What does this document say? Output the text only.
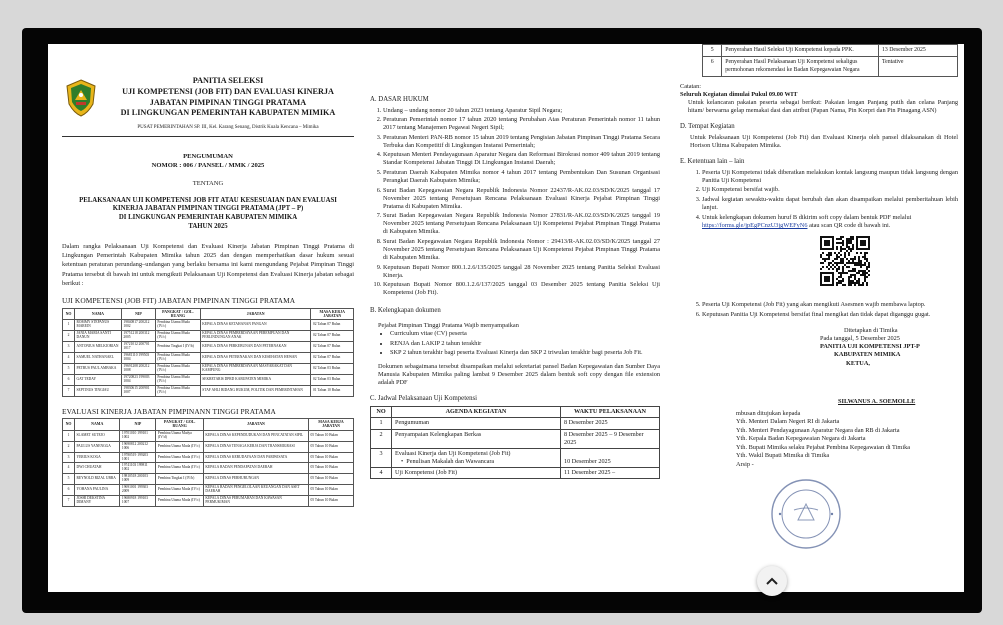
PANITIA SELEKSI
UJI KOMPETENSI (JOB FIT) DAN EVALUASI KINERJA
JABATAN PIMPINAN TINGGI PRATAMA
DI LINGKUNGAN PEMERINTAH KABUPATEN MIMIKA
PUSAT PEMERINTAHAN SP. III, Kel. Karang Senang, Distrik Kuala Kencana – Mimika
PENGUMUMAN
NOMOR : 006 / PANSEL / MMK / 2025
TENTANG
PELAKSANAAN UJI KOMPETENSI JOB FIT ATAU KESESUAIAN DAN EVALUASI
KINERJA JABATAN PIMPINAN TINGGI PRATAMA (JPT – P)
DI LINGKUNGAN PEMERINTAH KABUPATEN MIMIKA
TAHUN 2025
Dalam rangka Pelaksanaan Uji Kompetensi dan Evaluasi Kinerja Jabatan Pimpinan Tinggi Pratama di Lingkungan Pemerintah Kabupaten Mimika tahun 2025 dan dengan memperhatikan dasar hukum sesuai ketentuan peraturan perundang–undangan yang berlaku bersama ini kami mengundang Pejabat Pimpinan Tinggi Pratama tersebut di bawah ini untuk mengikuti Pelaksanaan Uji Kompetensi dan Evaluasi Kinerja jabatan sebagai berikut :
UJI KOMPETENSI (JOB FIT) JABATAN PIMPINAN TINGGI PRATAMA
NO	NAMA	NIP	PANGKAT / GOL. RUANG	JABATAN	MASA KERJA JABATAN
1	ROMMY STEPANUS MAREIN	19840817 200212 1002	Pembina Utama Muda (IV/c)	KEPALA DINAS KETAHANAN PANGAN	02 Tahun 07 Bulan
2	JANIA MARIA SANTI DANUN	19751218 200312 2005	Pembina Utama Muda (IV/c)	KEPALA DINAS PEMBERDAYAAN PEREMPUAN DAN PERLINDUNGAN ANAK	02 Tahun 07 Bulan
3	ANTONIUS MELKIORIAN	19721012 200701 1017	Pembina Tingkat I (IV/b)	KEPALA DINAS PERKEBUNAN DAN PETERNAKAN	02 Tahun 07 Bulan
4	SAMUEL NATHANAEL	19681110 199503 1004	Pembina Utama Muda (IV/c)	KEPALA DINAS PETERNAKAN DAN KESEHATAN HEWAN	02 Tahun 07 Bulan
5	PETRUS PAUL AMBAKA	19691208 200212 1008	Pembina Utama Muda (IV/c)	KEPALA DINAS PEMBERDAYAAN MASYARAKAT DAN KAMPUNG	02 Tahun 03 Bulan
6	GAT TEDAY	19720823 199003 1004	Pembina Utama Muda (IV/c)	SEKRETARIS DPRD KABUPATEN MIMIKA	02 Tahun 03 Bulan
7	SEPTINUS TINGIAU	19830615 200901 1007	Pembina Utama Muda (IV/c)	STAF AHLI BIDANG HUKUM, POLITIK DAN PEMERINTAHAN	01 Tahun 10 Bulan
EVALUASI KINERJA JABATAN PIMPINANN TINGGI PRATAMA
NO	NAMA	NIP	PANGKAT / GOL. RUANG	JABATAN	MASA KERJA JABATAN
1	SLAMET SUTEJO	19701010 199101 1002	Pembina Utama Madya (IV/d)	KEPALA DINAS KEPENDUDUKAN DAN PENCATATAN SIPIL	05 Tahun 10 Bulan
2	PAULUS YANENGGA	19690812 200212 1006	Pembina Utama Muda (IV/c)	KEPALA DINAS TENAGA KERJA DAN TRANSMIGRASI	05 Tahun 10 Bulan
3	YERIUS KOGA	19780519 199203 1001	Pembina Utama Muda (IV/c)	KEPALA DINAS KEBUDAYAAN DAN PARIWISATA	05 Tahun 10 Bulan
4	DWI CHUATAH	19741103 199811 1002	Pembina Utama Muda (IV/c)	KEPALA BADAN PENDAPATAN DAERAH	05 Tahun 10 Bulan
5	REYNOLD RIZAL UBRA	19810518 200103 1009	Pembina Tingkat I (IV/b)	KEPALA DINAS PERHUBUNGAN	05 Tahun 10 Bulan
6	YOHANA PAULINA	19691001 199303 2009	Pembina Utama Muda (IV/c)	KEPALA BADAN PENGELOLAAN KEUANGAN DAN ASET DAERAH	05 Tahun 10 Bulan
7	JOSHI DEKSTINA DIMANY	19680918 199103 1007	Pembina Utama Muda (IV/c)	KEPALA DINAS PERUMAHAN DAN KAWASAN PERMUKIMAN	05 Tahun 10 Bulan
A. DASAR HUKUM
1. Undang – undang nomor 20 tahun 2023 tentang Aparatur Sipil Negara;
2. Peraturan Pemerintah nomor 17 tahun 2020 tentang Perubahan Atas Peraturan Pemerintah nomor 11 tahun 2017 tentang Manajemen Pegawai Negeri Sipil;
3. Peraturan Menteri PAN-RB nomor 15 tahun 2019 tentang Pengisian Jabatan Pimpinan Tinggi Pratama Secara Terbuka dan Kompetitif di Lingkungan Instansi Pemerintah;
4. Keputusan Menteri Pendayagunaan Aparatur Negara dan Reformasi Birokrasi nomor 409 tahun 2019 tentang Standar Kompetensi Jabatan Tinggi Di Lingkungan Instansi Daerah;
5. Peraturan Daerah Kabupaten Mimika nomor 4 tahun 2017 tentang Pembentukan Dan Susunan Organisasi Perangkat Daerah Kabupaten Mimika;
6. Surat Badan Kepegawaian Negara Republik Indonesia Nomor 22437/R-AK.02.03/SD/K/2025 tanggal 17 November 2025 tentang Persetujuan Rencana Pelaksanaan Evaluasi Kinerja Pejabat Pimpinan Tinggi Pratama di Kabupaten Mimika.
7. Surat Badan Kepegawaian Negara Republik Indonesia Nomor 27831/R-AK.02.03/SD/K/2025 tanggal 19 November 2025 tentang Persetujuan Rencana Pelaksanaan Uji Kompetensi Pejabat Pimpinan Tinggi Pratama di Kabupaten Mimika.
8. Surat Badan Kepegawaian Negara Republik Indonesia Nomor : 29413/R-AK.02.03/SD/K/2025 tanggal 27 November 2025 tentang Persetujuan Rencana Pelaksanaan Uji Kompetensi Pejabat Pimpinan Tinggi Pratama di Kabupaten Mimika.
9. Keputusan Bupati Nomor 800.1.2.6/135/2025 tanggal 28 November 2025 tentang Panitia Seleksi Evaluasi Kinerja.
10. Keputusan Bupati Nomor 800.1.2.6/137/2025 tanggal 03 Desember 2025 tentang Panitia Seleksi Uji Kompetensi (Job Fit).
B. Kelengkapan dokumen
Pejabat Pimpinan Tinggi Pratama Wajib menyampaikan
• Curriculum vitae (CV) peserta
• RENJA dan LAKIP 2 tahun terakhir
• SKP 2 tahun terakhir bagi peserta Evaluasi Kinerja dan SKP 2 triwulan terakhir bagi peserta Job Fit.
Dokumen sebagaimana tersebut disampaikan melalui sekretariat pansel Badan Kepegawaian dan Sumber Daya Manusia Kabupaten Mimika paling lambat 9 Desember 2025 dalam bentuk soft copy dengan file extension adalah PDF
C. Jadwal Pelaksanaan Uji Kompetensi
NO	AGENDA KEGIATAN	WAKTU PELAKSANAAN
1	Pengumuman	8 Desember 2025
2	Penyampaian Kelengkapan Berkas	8 Desember 2025 – 9 Desember 2025
3	Evaluasi Kinerja dan Uji Kompetensi (Job Fit)
•  Penulisan Makalah dan Wawancara	10 Desember 2025
4	Uji Kompetensi (Job Fit)	11 Desember 2025 –
5	Penyerahan Hasil Seleksi Uji Kompetensi kepada PPK.	13 Desember 2025
6	Penyerahan Hasil Pelaksanaan Uji Kompetensi sekaligus permohonan rekomendasi ke Badan Kepegawaian Negara	Tentative
Catatan:
Seluruh Kegiatan dimulai Pukul 09.00 WIT
Untuk kelancaran pakaian peserta sebagai berikut: Pakaian lengan Panjang putih dan celana Panjang hitam/ berwarna gelap memakai dasi dan atribut (Papan Nama, Pin Korpri dan Pin Pinagang ASN)
D. Tempat Kegiatan
Untuk Pelaksanaan Uji Kompetensi (Job Fit) dan Evaluasi Kinerja oleh pansel dilaksanakan di Hotel Horison Ultima Kabupaten Mimika.
E. Ketentuan lain – lain
1. Peserta Uji Kompetensi tidak diberatkan melakukan kontak langsung maupun tidak langsung dengan Panitia Uji Kompetensi
2. Uji Kompetensi bersifat wajib.
3. Jadwal kegiatan sewaktu-waktu dapat berubah dan akan disampaikan melalui pemberitahuan lebih lanjut.
4. Untuk kelengkapan dokumen huruf B dikirim soft copy dalam bentuk PDF melalui
https://forms.gle/jpEgPCnzU3jgWEFyN6 atau scan QR code di bawah ini.
5. Peserta Uji Kompetensi (Job Fit) yang akan mengikuti Asesmen wajib membawa laptop.
6. Keputusan Panitia Uji Kompetensi bersifat final mengikat dan tidak dapat diganggu gugat.
Ditetapkan di Timika
Pada tanggal, 5 Desember 2025
PANITIA UJI KOMPETENSI JPT-P
KABUPATEN MIMIKA
KETUA,
SILWANUS A. SOEMOLLE
mbusan ditujukan kepada
Yth. Menteri Dalam Negeri RI di Jakarta
Yth. Menteri Pendayagunaan Aparatur Negara dan RB di Jakarta
Yth. Kepala Badan Kepegawaian Negara di Jakarta
Yth. Bupati Mimika selaku Pejabat Pembina Kepegawaian di Timika
Yth. Wakil Bupati Mimika di Timika
Arsip -
